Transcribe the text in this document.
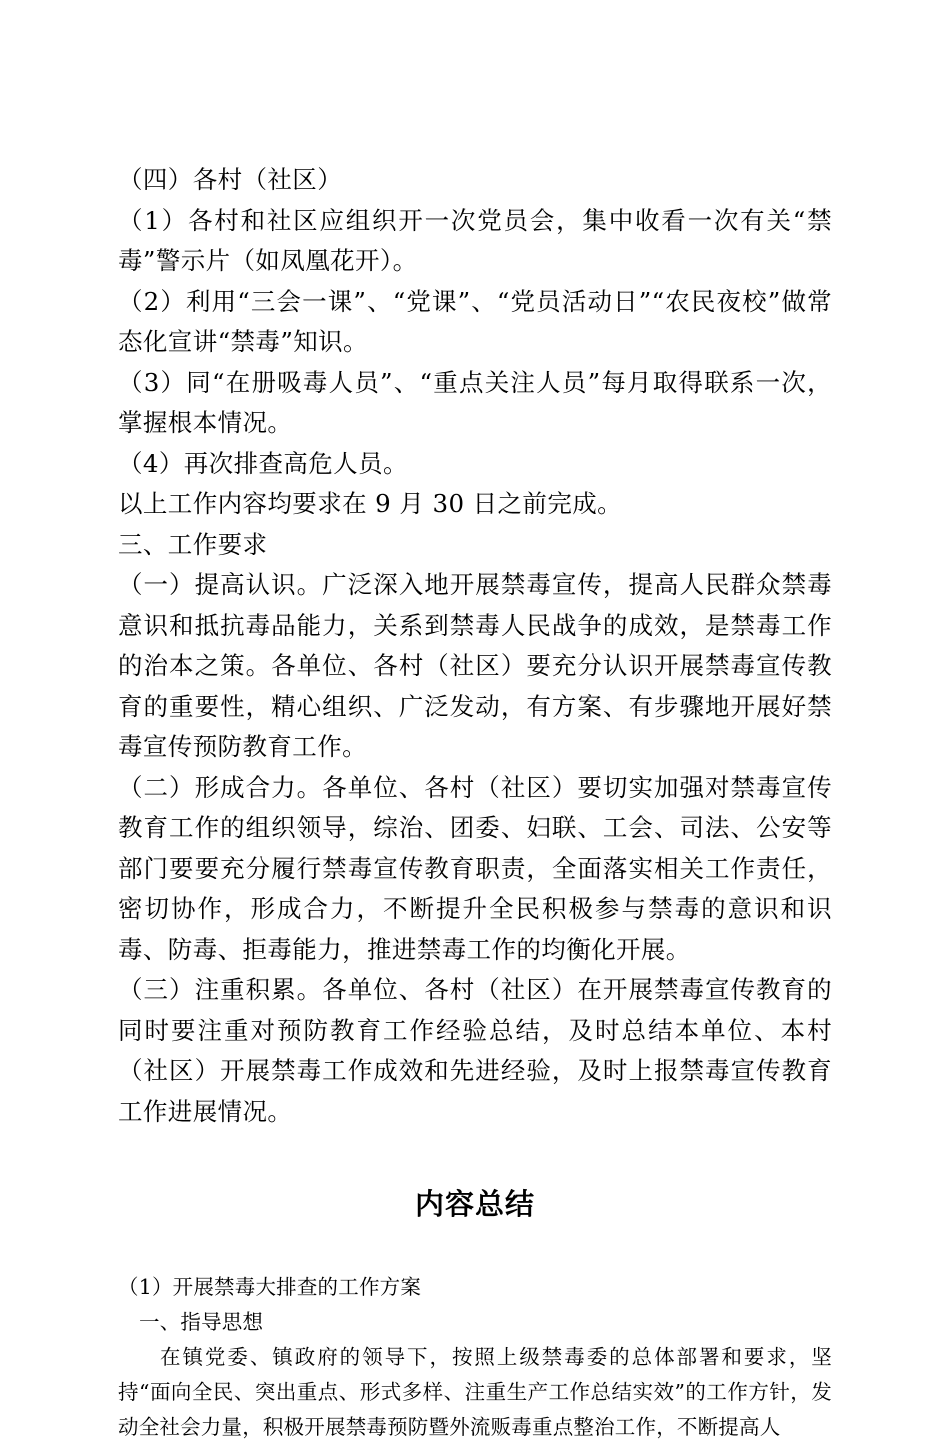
（四）各村（社区）

（1）各村和社区应组织开一次党员会，集中收看一次有关“禁毒”警示片（如凤凰花开）。

（2）利用“三会一课”、“党课”、“党员活动日”“农民夜校”做常态化宣讲“禁毒”知识。

（3）同“在册吸毒人员”、“重点关注人员”每月取得联系一次，掌握根本情况。

（4）再次排查高危人员。

以上工作内容均要求在 9 月 30 日之前完成。

三、工作要求

（一）提高认识。广泛深入地开展禁毒宣传，提高人民群众禁毒意识和抵抗毒品能力，关系到禁毒人民战争的成效，是禁毒工作的治本之策。各单位、各村（社区）要充分认识开展禁毒宣传教育的重要性，精心组织、广泛发动，有方案、有步骤地开展好禁毒宣传预防教育工作。

（二）形成合力。各单位、各村（社区）要切实加强对禁毒宣传教育工作的组织领导，综治、团委、妇联、工会、司法、公安等部门要要充分履行禁毒宣传教育职责，全面落实相关工作责任，密切协作，形成合力，不断提升全民积极参与禁毒的意识和识毒、防毒、拒毒能力，推进禁毒工作的均衡化开展。

（三）注重积累。各单位、各村（社区）在开展禁毒宣传教育的同时要注重对预防教育工作经验总结，及时总结本单位、本村（社区）开展禁毒工作成效和先进经验，及时上报禁毒宣传教育工作进展情况。

内容总结

（1）开展禁毒大排查的工作方案

一、指导思想

在镇党委、镇政府的领导下，按照上级禁毒委的总体部署和要求，坚持“面向全民、突出重点、形式多样、注重生产工作总结实效”的工作方针，发动全社会力量，积极开展禁毒预防暨外流贩毒重点整治工作，不断提高人
